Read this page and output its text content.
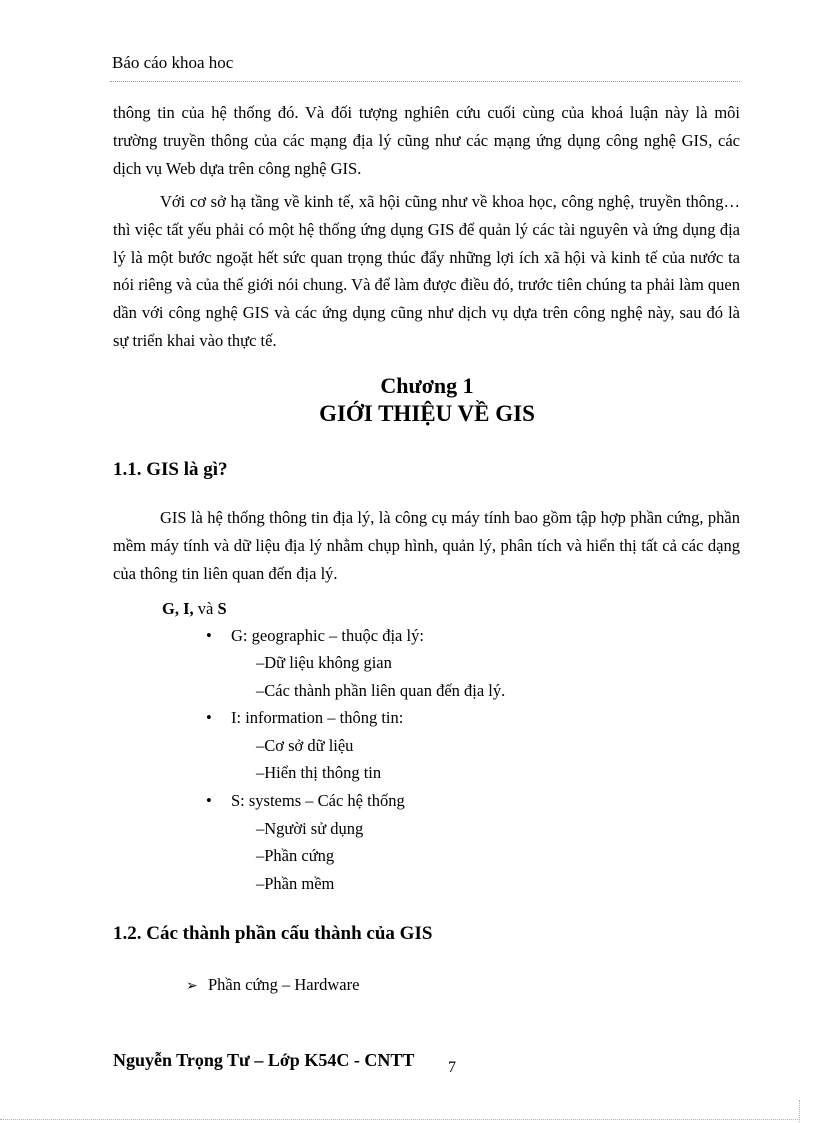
Báo cáo khoa hoc

thông tin của hệ thống đó. Và đối tượng nghiên cứu cuối cùng của khoá luận này là môi trường truyền thông của các mạng địa lý cũng như các mạng ứng dụng công nghệ GIS, các dịch vụ Web dựa trên công nghệ GIS.

Với cơ sở hạ tầng về kinh tế, xã hội cũng như về khoa học, công nghệ, truyền thông…thì việc tất yếu phải có một hệ thống ứng dụng GIS để quản lý các tài nguyên và ứng dụng địa lý là một bước ngoặt hết sức quan trọng thúc đẩy những lợi ích xã hội và kinh tế của nước ta nói riêng và của thế giới nói chung. Và để làm được điều đó, trước tiên chúng ta phải làm quen dần với công nghệ GIS và các ứng dụng cũng như dịch vụ dựa trên công nghệ này, sau đó là sự triển khai vào thực tế.

Chương 1
GIỚI THIỆU VỀ GIS
1.1. GIS là gì?

GIS là hệ thống thông tin địa lý, là công cụ máy tính bao gồm tập hợp phần cứng, phần mềm máy tính và dữ liệu địa lý nhằm chụp hình, quản lý, phân tích và hiển thị tất cả các dạng của thông tin liên quan đến địa lý.

G, I, và S
• G: geographic – thuộc địa lý:
–Dữ liệu không gian
–Các thành phần liên quan đến địa lý.
• I: information – thông tin:
–Cơ sở dữ liệu
–Hiển thị thông tin
• S: systems – Các hệ thống
–Người sử dụng
–Phần cứng
–Phần mềm
1.2. Các thành phần cấu thành của GIS
➢ Phần cứng – Hardware
Nguyễn Trọng Tư – Lớp K54C - CNTT 7
